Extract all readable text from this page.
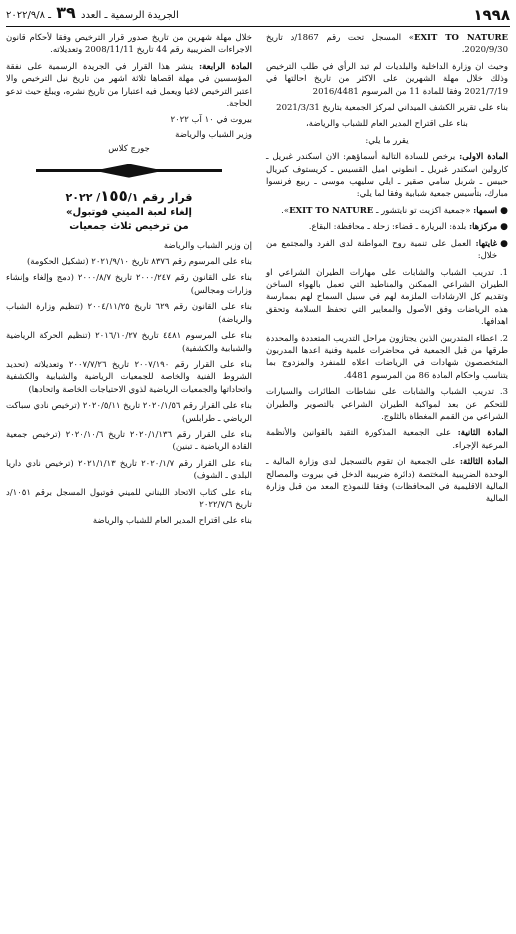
١٩٩٨
الجريدة الرسمية ـ العدد ٣٩ ـ ٢٠٢٢/٩/٨

EXIT TO NATURE» المسجل تحت رقم 1867/د تاريخ 2020/9/30.

وحيث ان وزارة الداخلية والبلديات لم تبد الرأي في طلب الترخيص وذلك خلال مهلة الشهرين على الاكثر من تاريخ احالتها في 2021/7/19 وفقا للمادة 11 من المرسوم 2016/4481

بناء على تقرير الكشف الميداني لمركز الجمعية بتاريخ 2021/3/31

بناء على اقتراح المدير العام للشباب والرياضة،

يقرر ما يلي:

المادة الاولى: يرخص للسادة التالية أسماؤهم: الان اسكندر غبريل ـ كارولين اسكندر غبريل ـ انطوني اميل القسيس ـ كريستوف كبريال حبيس ـ شربل سامي صقير ـ ايلي سليهب موسى ـ ربيع فرنسوا مبارك، بتأسيس جمعية شبابية وفقا لما يلي:

●

اسمها: «جمعية اكزيت تو نايتشور ـ EXIT TO NATURE».

●

مركزها: بلدة: البريارة ـ قضاء: زحلة ـ محافظة: البقاع.

●

غايتها: العمل على تنمية روح المواطنة لدى الفرد والمجتمع من خلال:

1. تدريب الشباب والشابات على مهارات الطيران الشراعي او الطيران الشراعي الممكنن والمناطيد التي تعمل بالهواء الساخن وتقديم كل الارشادات الملزمة لهم في سبيل السماح لهم بممارسة هذه الرياضات وفق الأصول والمعايير التي تحفظ السلامة وتحقق اهدافها.

2. اعطاء المتدربين الذين يجتازون مراحل التدريب المتعددة والمحددة طرقها من قبل الجمعية في محاضرات علمية وفنية اعدها المدربون المتخصصون شهادات في الرياضات اعلاه للمنفرد والمزدوج بما يتناسب واحكام المادة 86 من المرسوم 4481.

3. تدريب الشباب والشابات على نشاطات الطائرات والسيارات للتحكم عن بعد لمواكبة الطيران الشراعي بالتصوير والطيران الشراعي من القمم المغطاة بالثلوج.

المادة الثانية: على الجمعية المذكورة التقيد بالقوانين والأنظمة المرعية الإجراء.

المادة الثالثة: على الجمعية ان تقوم بالتسجيل لدى وزارة المالية ـ الوحدة الضريبية المختصة (دائرة ضريبية الدخل في بيروت والمصالح المالية الاقليمية في المحافظات) وفقا للنموذج المعد من قبل وزارة المالية

خلال مهلة شهرين من تاريخ صدور قرار الترخيص وفقا لأحكام قانون الاجراءات الضريبية رقم 44 تاريخ 2008/11/11 وتعديلاته.

المادة الرابعة: ينشر هذا القرار في الجريدة الرسمية على نفقة المؤسسين في مهلة اقصاها ثلاثة اشهر من تاريخ نيل الترخيص والا اعتبر الترخيص لاغيا ويعمل فيه اعتبارا من تاريخ نشره، ويبلغ حيث تدعو الحاجة.

بيروت في ١٠ آب ٢٠٢٢

وزير الشباب والرياضة

جورج كلاس

قرار رقم ١٥٥/١/ ٢٠٢٢
إلغاء لعبة الميني فوتبول»
من ترخيص ثلاث جمعيات

إن وزير الشباب والرياضة

بناء على المرسوم رقم ٨٣٧٦ تاريخ ٢٠٢١/٩/١٠ (تشكيل الحكومة)

بناء على القانون رقم ٢٠٠٠/٢٤٧ تاريخ ٢٠٠٠/٨/٧ (دمج وإلغاء وإنشاء وزارات ومجالس)

بناء على القانون رقم ٦٢٩ تاريخ ٢٠٠٤/١١/٢٥ (تنظيم وزارة الشباب والرياضة)

بناء على المرسوم ٤٤٨١ تاريخ ٢٠١٦/١٠/٢٧ (تنظيم الحركة الرياضية والشبابية والكشفية)

بناء على القرار رقم ٢٠٠٧/١٩٠ تاريخ ٢٠٠٧/٧/٢٦ وتعديلاته (تحديد الشروط الفنية والخاصة للجمعيات الرياضية والشبابية والكشفية واتحاداتها والجمعيات الرياضية لذوي الاحتياجات الخاصة واتحادها)

بناء على القرار رقم ٢٠٢٠/١/٥٦ تاريخ ٢٠٢٠/٥/١١ (ترخيص نادي سباكت الرياضي ـ طرابلس)

بناء على القرار رقم ٢٠٢٠/١/١٣٦ تاريخ ٢٠٢٠/١٠/٦ (ترخيص جمعية القادة الرياضية ـ تبنين)

بناء على القرار رقم ٢٠٢٠/١/٧ تاريخ ٢٠٢١/١/١٣ (ترخيص نادي داريا البلدي ـ الشوف)

بناء على كتاب الاتحاد اللبناني للميني فوتبول المسجل برقم ١٠٥١/د تاريخ ٢٠٢٢/٧/٦

بناء على اقتراح المدير العام للشباب والرياضة
